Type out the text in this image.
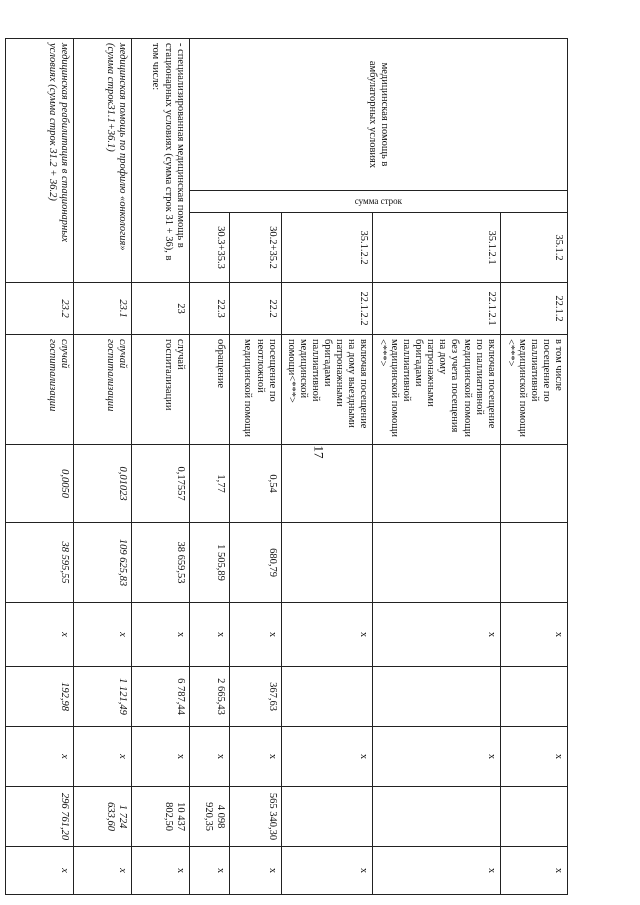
17
медицинская помощь в амбулаторных условиях	сумма строк	35.1.2	22.1.2	в том числе посещение по паллиативной медицинской помощи <***>			x		x		x
		35.1.2.1	22.1.2.1	включая посещение по паллиативной медицинской помощи без учета посещения на дому патронажными бригадами паллиативной медицинской помощи <***>			x		x		x
		35.1.2.2	22.1.2.2	включая посещение на дому выездными патронажными бригадами паллиативной медицинской помощи<***>			x		x		x
		30.2+35.2	22.2	посещение по неотложной медицинской помощи	0,54	680,79	x	367,63	x	565 340,30	x
		30.3+35.3	22.3	обращение	1,77	1 505,89	x	2 665,43	x	4 098 920,35	x
- специализированная медицинская помощь в стационарных условиях (сумма строк 31 + 36), в том числе:			23	случай госпитализации	0,17557	38 659,53	x	6 787,44	x	10 437 802,50	x
медицинская помощь по профилю «онкология» (сумма строк31.1+36.1)			23.1	случай госпитализации	0,01023	109 625,83	x	1 121,49	x	1 724 633,60	x
медицинская реабилитация в стационарных условиях (сумма строк 31.2 + 36.2)			23.2	случай госпитализации	0,0050	38 595,55	x	192,98	x	296 761,20	x
